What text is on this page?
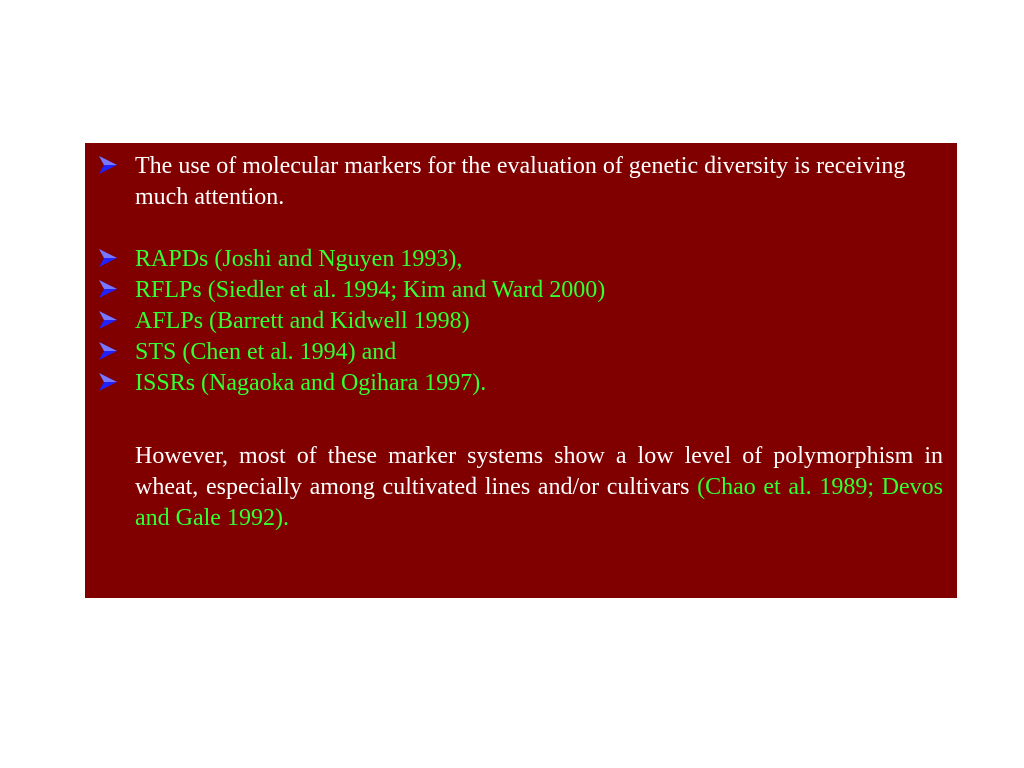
The use of molecular markers for the evaluation of genetic diversity is receiving much attention.
RAPDs (Joshi and Nguyen 1993),
RFLPs (Siedler et al. 1994; Kim and Ward 2000)
AFLPs (Barrett and Kidwell 1998)
STS (Chen et al. 1994) and
ISSRs (Nagaoka and Ogihara 1997).
However, most of these marker systems show a low level of polymorphism in wheat, especially among cultivated lines and/or cultivars (Chao et al. 1989; Devos and Gale 1992).
